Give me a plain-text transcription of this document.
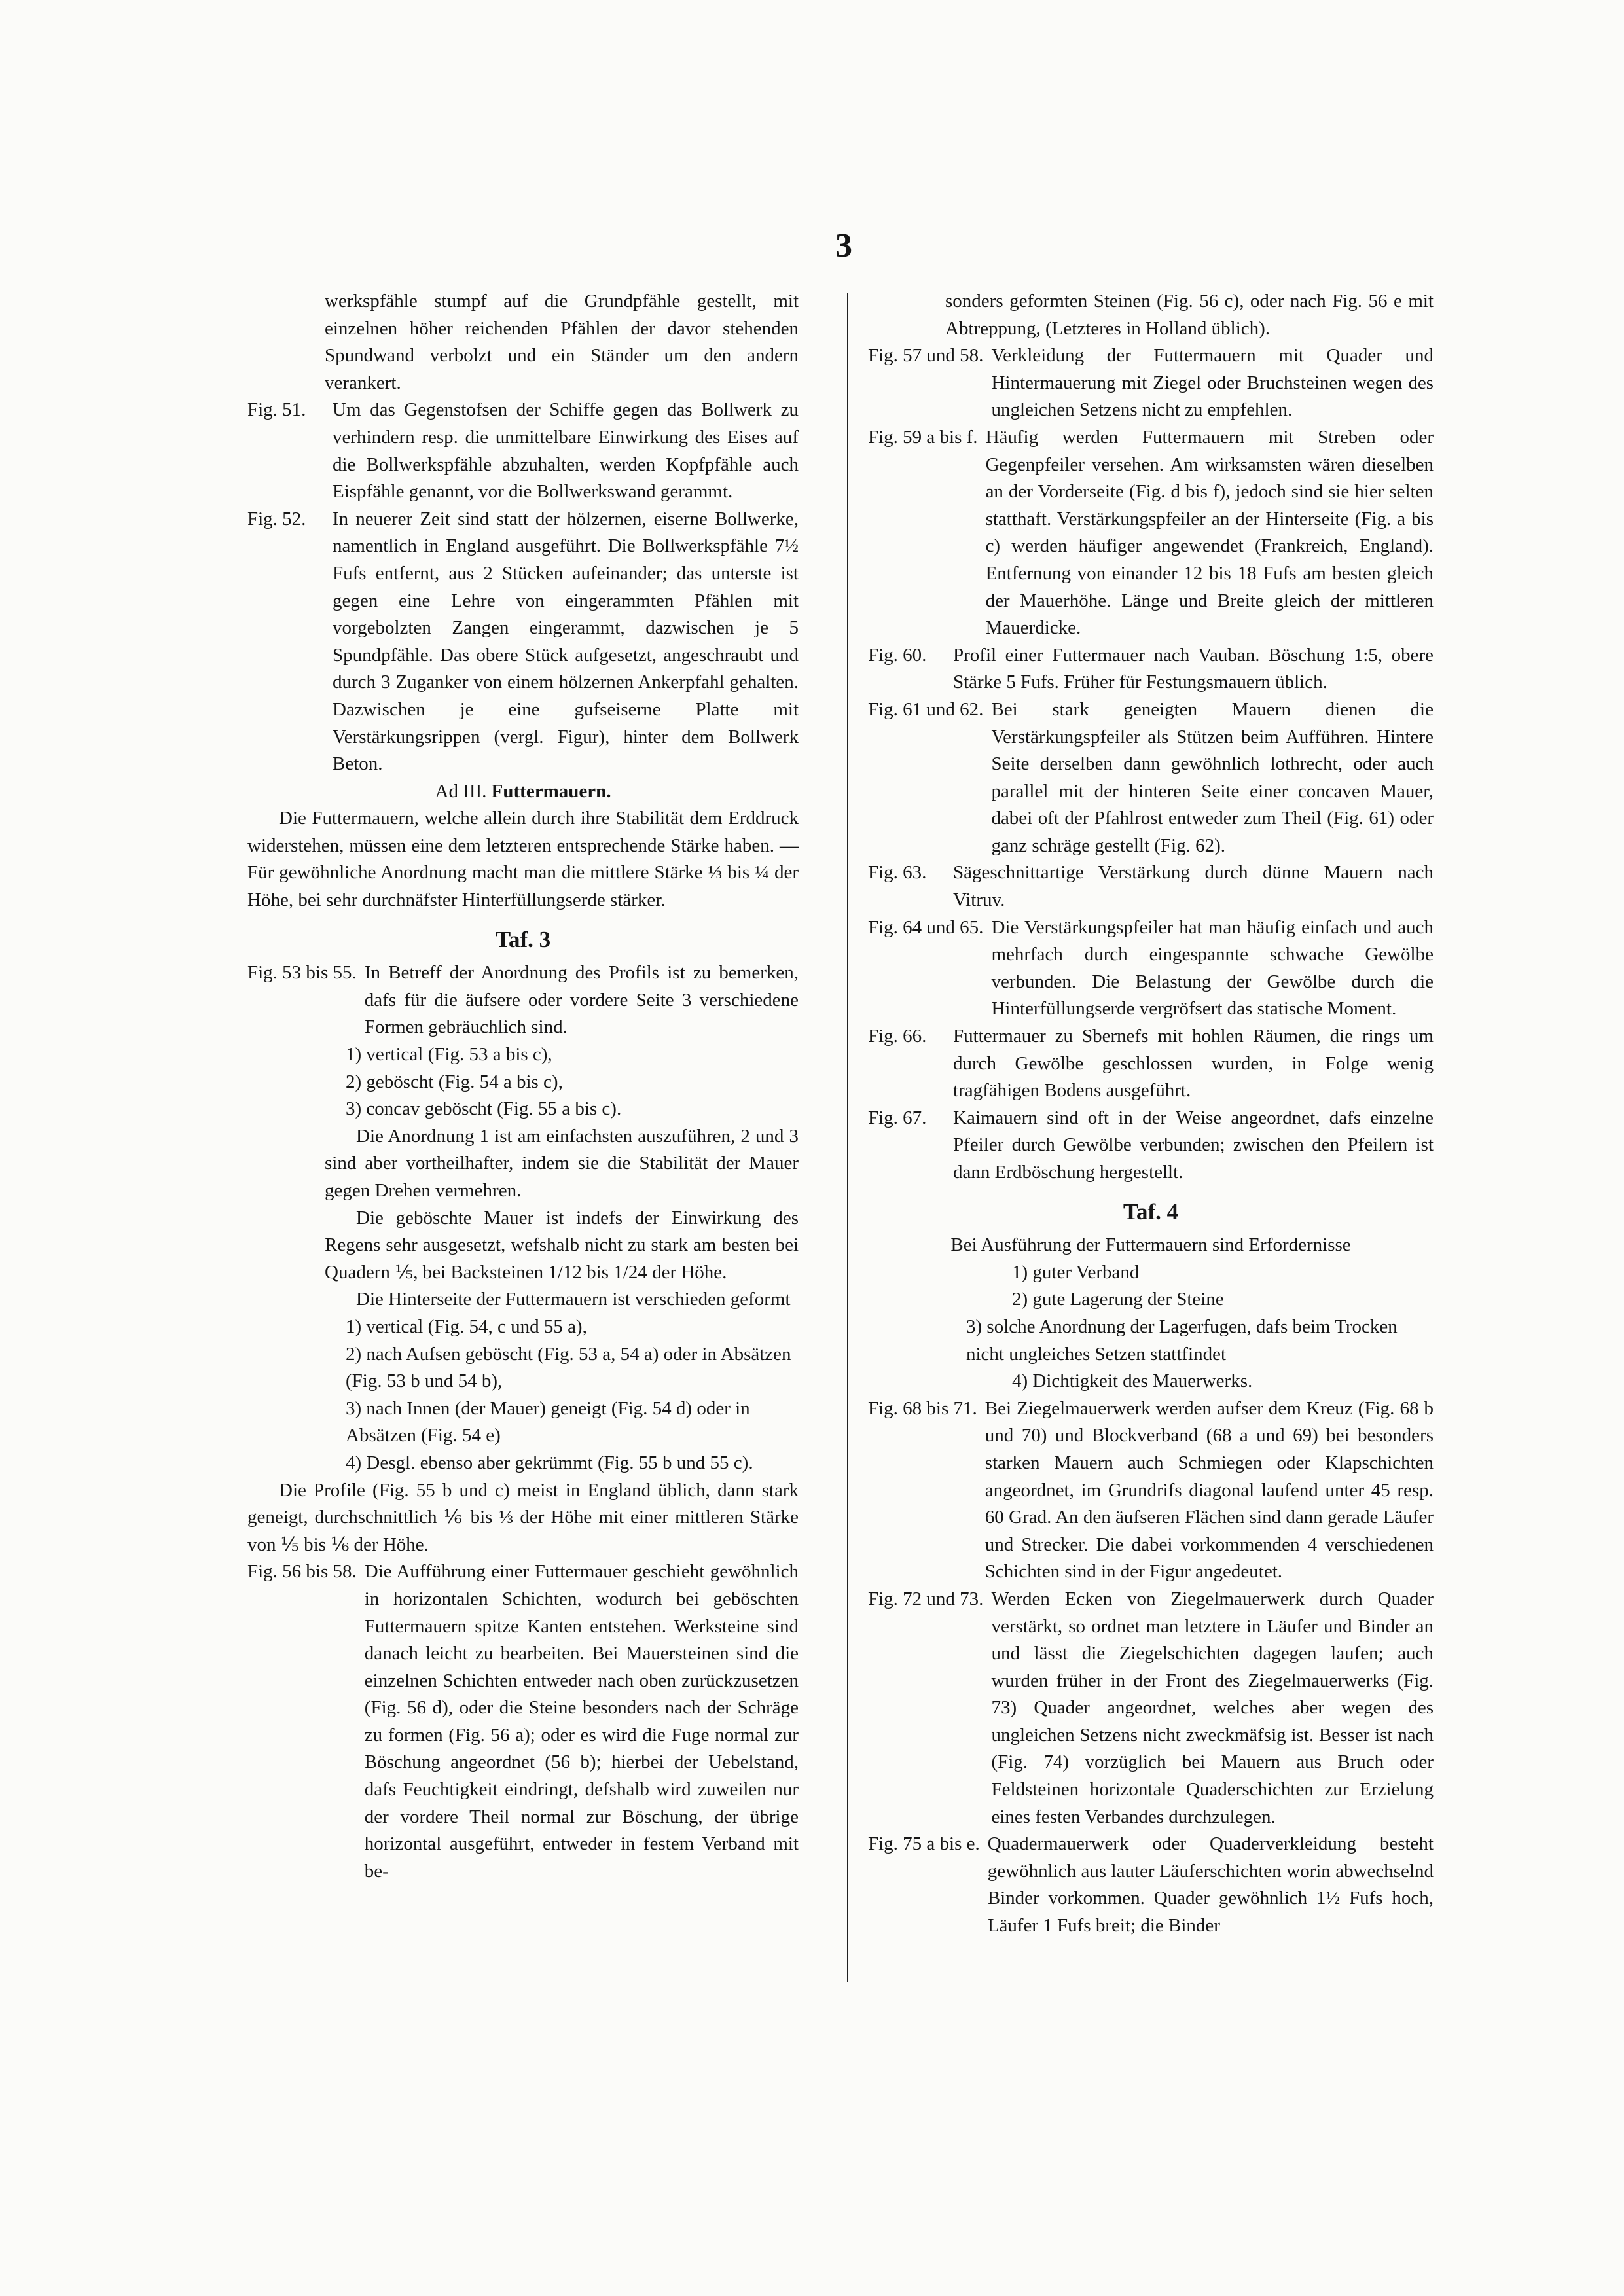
3
werkspfähle stumpf auf die Grundpfähle gestellt, mit einzelnen höher reichenden Pfählen der davor stehenden Spundwand verbolzt und ein Ständer um den andern verankert.
Fig. 51.	Um das Gegenstofsen der Schiffe gegen das Bollwerk zu verhindern resp. die unmittelbare Einwirkung des Eises auf die Bollwerkspfähle abzuhalten, werden Kopfpfähle auch Eispfähle genannt, vor die Bollwerkswand gerammt.
Fig. 52.	In neuerer Zeit sind statt der hölzernen, eiserne Bollwerke, namentlich in England ausgeführt. Die Bollwerkspfähle 7½ Fufs entfernt, aus 2 Stücken aufeinander; das unterste ist gegen eine Lehre von eingerammten Pfählen mit vorgebolzten Zangen eingerammt, dazwischen je 5 Spundpfähle. Das obere Stück aufgesetzt, angeschraubt und durch 3 Zuganker von einem hölzernen Ankerpfahl gehalten. Dazwischen je eine gufseiserne Platte mit Verstärkungsrippen (vergl. Figur), hinter dem Bollwerk Beton.
Ad III. Futtermauern.
Die Futtermauern, welche allein durch ihre Stabilität dem Erddruck widerstehen, müssen eine dem letzteren entsprechende Stärke haben. — Für gewöhnliche Anordnung macht man die mittlere Stärke ⅓ bis ¼ der Höhe, bei sehr durchnäfster Hinterfüllungserde stärker.
Taf. 3
Fig. 53 bis 55. In Betreff der Anordnung des Profils ist zu bemerken, dafs für die äufsere oder vordere Seite 3 verschiedene Formen gebräuchlich sind.
1) vertical (Fig. 53 a bis c),
2) geböscht (Fig. 54 a bis c),
3) concav geböscht (Fig. 55 a bis c).
Die Anordnung 1 ist am einfachsten auszuführen, 2 und 3 sind aber vortheilhafter, indem sie die Stabilität der Mauer gegen Drehen vermehren.
Die geböschte Mauer ist indefs der Einwirkung des Regens sehr ausgesetzt, wefshalb nicht zu stark am besten bei Quadern ⅕, bei Backsteinen 1/12 bis 1/24 der Höhe.
Die Hinterseite der Futtermauern ist verschieden geformt
1) vertical (Fig. 54, c und 55 a),
2) nach Aufsen geböscht (Fig. 53 a, 54 a) oder in Absätzen (Fig. 53 b und 54 b),
3) nach Innen (der Mauer) geneigt (Fig. 54 d) oder in Absätzen (Fig. 54 e)
4) Desgl. ebenso aber gekrümmt (Fig. 55 b und 55 c).
Die Profile (Fig. 55 b und c) meist in England üblich, dann stark geneigt, durchschnittlich ⅙ bis ⅓ der Höhe mit einer mittleren Stärke von ⅕ bis ⅙ der Höhe.
Fig. 56 bis 58. Die Aufführung einer Futtermauer geschieht gewöhnlich in horizontalen Schichten, wodurch bei geböschten Futtermauern spitze Kanten entstehen. Werksteine sind danach leicht zu bearbeiten. Bei Mauersteinen sind die einzelnen Schichten entweder nach oben zurückzusetzen (Fig. 56 d), oder die Steine besonders nach der Schräge zu formen (Fig. 56 a); oder es wird die Fuge normal zur Böschung angeordnet (56 b); hierbei der Uebelstand, dafs Feuchtigkeit eindringt, defshalb wird zuweilen nur der vordere Theil normal zur Böschung, der übrige horizontal ausgeführt, entweder in festem Verband mit be-
sonders geformten Steinen (Fig. 56 c), oder nach Fig. 56 e mit Abtreppung, (Letzteres in Holland üblich).
Fig. 57 und 58. Verkleidung der Futtermauern mit Quader und Hintermauerung mit Ziegel oder Bruchsteinen wegen des ungleichen Setzens nicht zu empfehlen.
Fig. 59 a bis f. Häufig werden Futtermauern mit Streben oder Gegenpfeiler versehen. Am wirksamsten wären dieselben an der Vorderseite (Fig. d bis f), jedoch sind sie hier selten statthaft. Verstärkungspfeiler an der Hinterseite (Fig. a bis c) werden häufiger angewendet (Frankreich, England). Entfernung von einander 12 bis 18 Fufs am besten gleich der Mauerhöhe. Länge und Breite gleich der mittleren Mauerdicke.
Fig. 60.	Profil einer Futtermauer nach Vauban. Böschung 1:5, obere Stärke 5 Fufs. Früher für Festungsmauern üblich.
Fig. 61 und 62. Bei stark geneigten Mauern dienen die Verstärkungspfeiler als Stützen beim Aufführen. Hintere Seite derselben dann gewöhnlich lothrecht, oder auch parallel mit der hinteren Seite einer concaven Mauer, dabei oft der Pfahlrost entweder zum Theil (Fig. 61) oder ganz schräge gestellt (Fig. 62).
Fig. 63.	Sägeschnittartige Verstärkung durch dünne Mauern nach Vitruv.
Fig. 64 und 65. Die Verstärkungspfeiler hat man häufig einfach und auch mehrfach durch eingespannte schwache Gewölbe verbunden. Die Belastung der Gewölbe durch die Hinterfüllungserde vergröfsert das statische Moment.
Fig. 66.	Futtermauer zu Sbernefs mit hohlen Räumen, die rings um durch Gewölbe geschlossen wurden, in Folge wenig tragfähigen Bodens ausgeführt.
Fig. 67.	Kaimauern sind oft in der Weise angeordnet, dafs einzelne Pfeiler durch Gewölbe verbunden; zwischen den Pfeilern ist dann Erdböschung hergestellt.
Taf. 4
Bei Ausführung der Futtermauern sind Erfordernisse
1) guter Verband
2) gute Lagerung der Steine
3) solche Anordnung der Lagerfugen, dafs beim Trocken nicht ungleiches Setzen stattfindet
4) Dichtigkeit des Mauerwerks.
Fig. 68 bis 71. Bei Ziegelmauerwerk werden aufser dem Kreuz (Fig. 68 b und 70) und Blockverband (68 a und 69) bei besonders starken Mauern auch Schmiegen oder Klapschichten angeordnet, im Grundrifs diagonal laufend unter 45 resp. 60 Grad. An den äufseren Flächen sind dann gerade Läufer und Strecker. Die dabei vorkommenden 4 verschiedenen Schichten sind in der Figur angedeutet.
Fig. 72 und 73. Werden Ecken von Ziegelmauerwerk durch Quader verstärkt, so ordnet man letztere in Läufer und Binder an und lässt die Ziegelschichten dagegen laufen; auch wurden früher in der Front des Ziegelmauerwerks (Fig. 73) Quader angeordnet, welches aber wegen des ungleichen Setzens nicht zweckmäfsig ist. Besser ist nach (Fig. 74) vorzüglich bei Mauern aus Bruch oder Feldsteinen horizontale Quaderschichten zur Erzielung eines festen Verbandes durchzulegen.
Fig. 75 a bis e. Quadermauerwerk oder Quaderverkleidung besteht gewöhnlich aus lauter Läuferschichten worin abwechselnd Binder vorkommen. Quader gewöhnlich 1½ Fufs hoch, Läufer 1 Fufs breit; die Binder
